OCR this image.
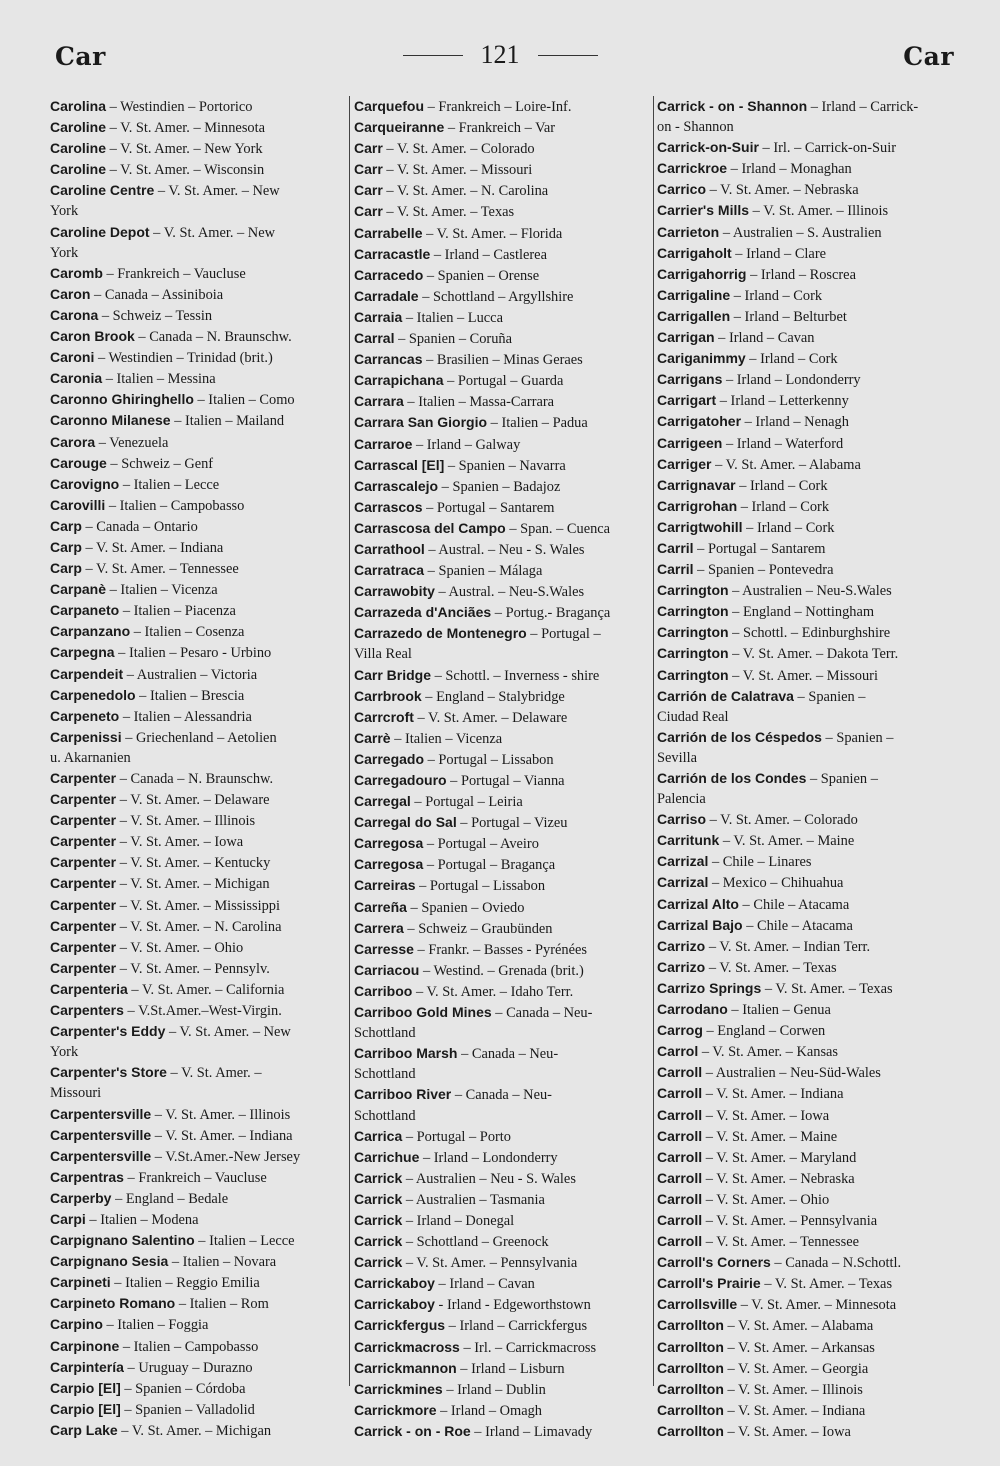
Car	121	Car
Carolina – Westindien – Portorico
Caroline – V. St. Amer. – Minnesota
Caroline – V. St. Amer. – New York
Caroline – V. St. Amer. – Wisconsin
Caroline Centre – V. St. Amer. – New
York
Caroline Depot – V. St. Amer. – New
York
Caromb – Frankreich – Vaucluse
Caron – Canada – Assiniboia
Carona – Schweiz – Tessin
Caron Brook – Canada – N. Braunschw.
Caroni – Westindien – Trinidad (brit.)
Caronia – Italien – Messina
Caronno Ghiringhello – Italien – Como
Caronno Milanese – Italien – Mailand
Carora – Venezuela
Carouge – Schweiz – Genf
Carovigno – Italien – Lecce
Carovilli – Italien – Campobasso
Carp – Canada – Ontario
Carp – V. St. Amer. – Indiana
Carp – V. St. Amer. – Tennessee
Carpanè – Italien – Vicenza
Carpaneto – Italien – Piacenza
Carpanzano – Italien – Cosenza
Carpegna – Italien – Pesaro - Urbino
Carpendeit – Australien – Victoria
Carpenedolo – Italien – Brescia
Carpeneto – Italien – Alessandria
Carpenissi – Griechenland – Aetolien
u. Akarnanien
Carpenter – Canada – N. Braunschw.
Carpenter – V. St. Amer. – Delaware
Carpenter – V. St. Amer. – Illinois
Carpenter – V. St. Amer. – Iowa
Carpenter – V. St. Amer. – Kentucky
Carpenter – V. St. Amer. – Michigan
Carpenter – V. St. Amer. – Mississippi
Carpenter – V. St. Amer. – N. Carolina
Carpenter – V. St. Amer. – Ohio
Carpenter – V. St. Amer. – Pennsylv.
Carpenteria – V. St. Amer. – California
Carpenters – V.St.Amer.–West-Virgin.
Carpenter's Eddy – V. St. Amer. – New
York
Carpenter's Store – V. St. Amer. –
Missouri
Carpentersville – V. St. Amer. – Illinois
Carpentersville – V. St. Amer. – Indiana
Carpentersville – V.St.Amer.-New Jersey
Carpentras – Frankreich – Vaucluse
Carperby – England – Bedale
Carpi – Italien – Modena
Carpignano Salentino – Italien – Lecce
Carpignano Sesia – Italien – Novara
Carpineti – Italien – Reggio Emilia
Carpineto Romano – Italien – Rom
Carpino – Italien – Foggia
Carpinone – Italien – Campobasso
Carpintería – Uruguay – Durazno
Carpio [El] – Spanien – Córdoba
Carpio [El] – Spanien – Valladolid
Carp Lake – V. St. Amer. – Michigan
Carquefou – Frankreich – Loire-Inf.
Carqueiranne – Frankreich – Var
Carr – V. St. Amer. – Colorado
Carr – V. St. Amer. – Missouri
Carr – V. St. Amer. – N. Carolina
Carr – V. St. Amer. – Texas
Carrabelle – V. St. Amer. – Florida
Carracastle – Irland – Castlerea
Carracedo – Spanien – Orense
Carradale – Schottland – Argyllshire
Carraia – Italien – Lucca
Carral – Spanien – Coruña
Carrancas – Brasilien – Minas Geraes
Carrapichana – Portugal – Guarda
Carrara – Italien – Massa-Carrara
Carrara San Giorgio – Italien – Padua
Carraroe – Irland – Galway
Carrascal [El] – Spanien – Navarra
Carrascalejo – Spanien – Badajoz
Carrascos – Portugal – Santarem
Carrascosa del Campo – Span. – Cuenca
Carrathool – Austral. – Neu - S. Wales
Carratraca – Spanien – Málaga
Carrawobity – Austral. – Neu-S.Wales
Carrazeda d'Anciães – Portug.- Bragança
Carrazedo de Montenegro – Portugal –
Villa Real
Carr Bridge – Schottl. – Inverness - shire
Carrbrook – England – Stalybridge
Carrcroft – V. St. Amer. – Delaware
Carrè – Italien – Vicenza
Carregado – Portugal – Lissabon
Carregadouro – Portugal – Vianna
Carregal – Portugal – Leiria
Carregal do Sal – Portugal – Vizeu
Carregosa – Portugal – Aveiro
Carregosa – Portugal – Bragança
Carreiras – Portugal – Lissabon
Carreña – Spanien – Oviedo
Carrera – Schweiz – Graubünden
Carresse – Frankr. – Basses - Pyrénées
Carriacou – Westind. – Grenada (brit.)
Carriboo – V. St. Amer. – Idaho Terr.
Carriboo Gold Mines – Canada – Neu-
Schottland
Carriboo Marsh – Canada – Neu-
Schottland
Carriboo River – Canada – Neu-
Schottland
Carrica – Portugal – Porto
Carrichue – Irland – Londonderry
Carrick – Australien – Neu - S. Wales
Carrick – Australien – Tasmania
Carrick – Irland – Donegal
Carrick – Schottland – Greenock
Carrick – V. St. Amer. – Pennsylvania
Carrickaboy – Irland – Cavan
Carrickaboy - Irland - Edgeworthstown
Carrickfergus – Irland – Carrickfergus
Carrickmacross – Irl. – Carrickmacross
Carrickmannon – Irland – Lisburn
Carrickmines – Irland – Dublin
Carrickmore – Irland – Omagh
Carrick - on - Roe – Irland – Limavady
Carrick - on - Shannon – Irland – Carrick-
on - Shannon
Carrick-on-Suir – Irl. – Carrick-on-Suir
Carrickroe – Irland – Monaghan
Carrico – V. St. Amer. – Nebraska
Carrier's Mills – V. St. Amer. – Illinois
Carrieton – Australien – S. Australien
Carrigaholt – Irland – Clare
Carrigahorrig – Irland – Roscrea
Carrigaline – Irland – Cork
Carrigallen – Irland – Belturbet
Carrigan – Irland – Cavan
Cariganimmy – Irland – Cork
Carrigans – Irland – Londonderry
Carrigart – Irland – Letterkenny
Carrigatoher – Irland – Nenagh
Carrigeen – Irland – Waterford
Carriger – V. St. Amer. – Alabama
Carrignavar – Irland – Cork
Carrigrohan – Irland – Cork
Carrigtwohill – Irland – Cork
Carril – Portugal – Santarem
Carril – Spanien – Pontevedra
Carrington – Australien – Neu-S.Wales
Carrington – England – Nottingham
Carrington – Schottl. – Edinburghshire
Carrington – V. St. Amer. – Dakota Terr.
Carrington – V. St. Amer. – Missouri
Carrión de Calatrava – Spanien –
Ciudad Real
Carrión de los Céspedos – Spanien –
Sevilla
Carrión de los Condes – Spanien –
Palencia
Carriso – V. St. Amer. – Colorado
Carritunk – V. St. Amer. – Maine
Carrizal – Chile – Linares
Carrizal – Mexico – Chihuahua
Carrizal Alto – Chile – Atacama
Carrizal Bajo – Chile – Atacama
Carrizo – V. St. Amer. – Indian Terr.
Carrizo – V. St. Amer. – Texas
Carrizo Springs – V. St. Amer. – Texas
Carrodano – Italien – Genua
Carrog – England – Corwen
Carrol – V. St. Amer. – Kansas
Carroll – Australien – Neu-Süd-Wales
Carroll – V. St. Amer. – Indiana
Carroll – V. St. Amer. – Iowa
Carroll – V. St. Amer. – Maine
Carroll – V. St. Amer. – Maryland
Carroll – V. St. Amer. – Nebraska
Carroll – V. St. Amer. – Ohio
Carroll – V. St. Amer. – Pennsylvania
Carroll – V. St. Amer. – Tennessee
Carroll's Corners – Canada – N.Schottl.
Carroll's Prairie – V. St. Amer. – Texas
Carrollsville – V. St. Amer. – Minnesota
Carrollton – V. St. Amer. – Alabama
Carrollton – V. St. Amer. – Arkansas
Carrollton – V. St. Amer. – Georgia
Carrollton – V. St. Amer. – Illinois
Carrollton – V. St. Amer. – Indiana
Carrollton – V. St. Amer. – Iowa
